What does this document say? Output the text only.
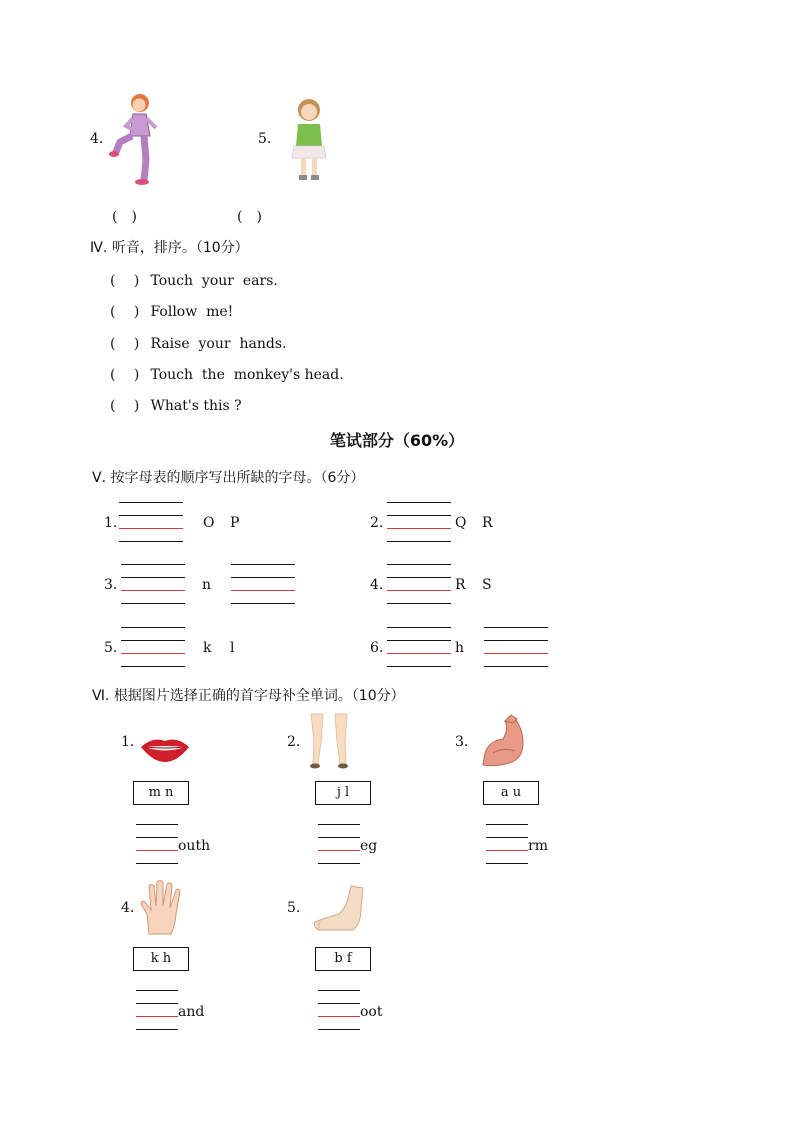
4.
(　)
5.
(　)
Ⅳ. 听音，排序。（10分）
(　 ) Touch  your  ears.
(　 ) Follow  me!
(　 ) Raise  your  hands.
(　 ) Touch  the  monkey's head.
(　 ) What's this ?
笔试部分（60%）
Ⅴ. 按字母表的顺序写出所缺的字母。（6分）
1.	O P	2.	Q R
3.	n	4.	R S
5.	k l	6.	h
Ⅵ. 根据图片选择正确的首字母补全单词。（10分）
1.
m n
outh
2.
j l
eg
3.
a u
rm
4.
k h
and
5.
b f
oot
